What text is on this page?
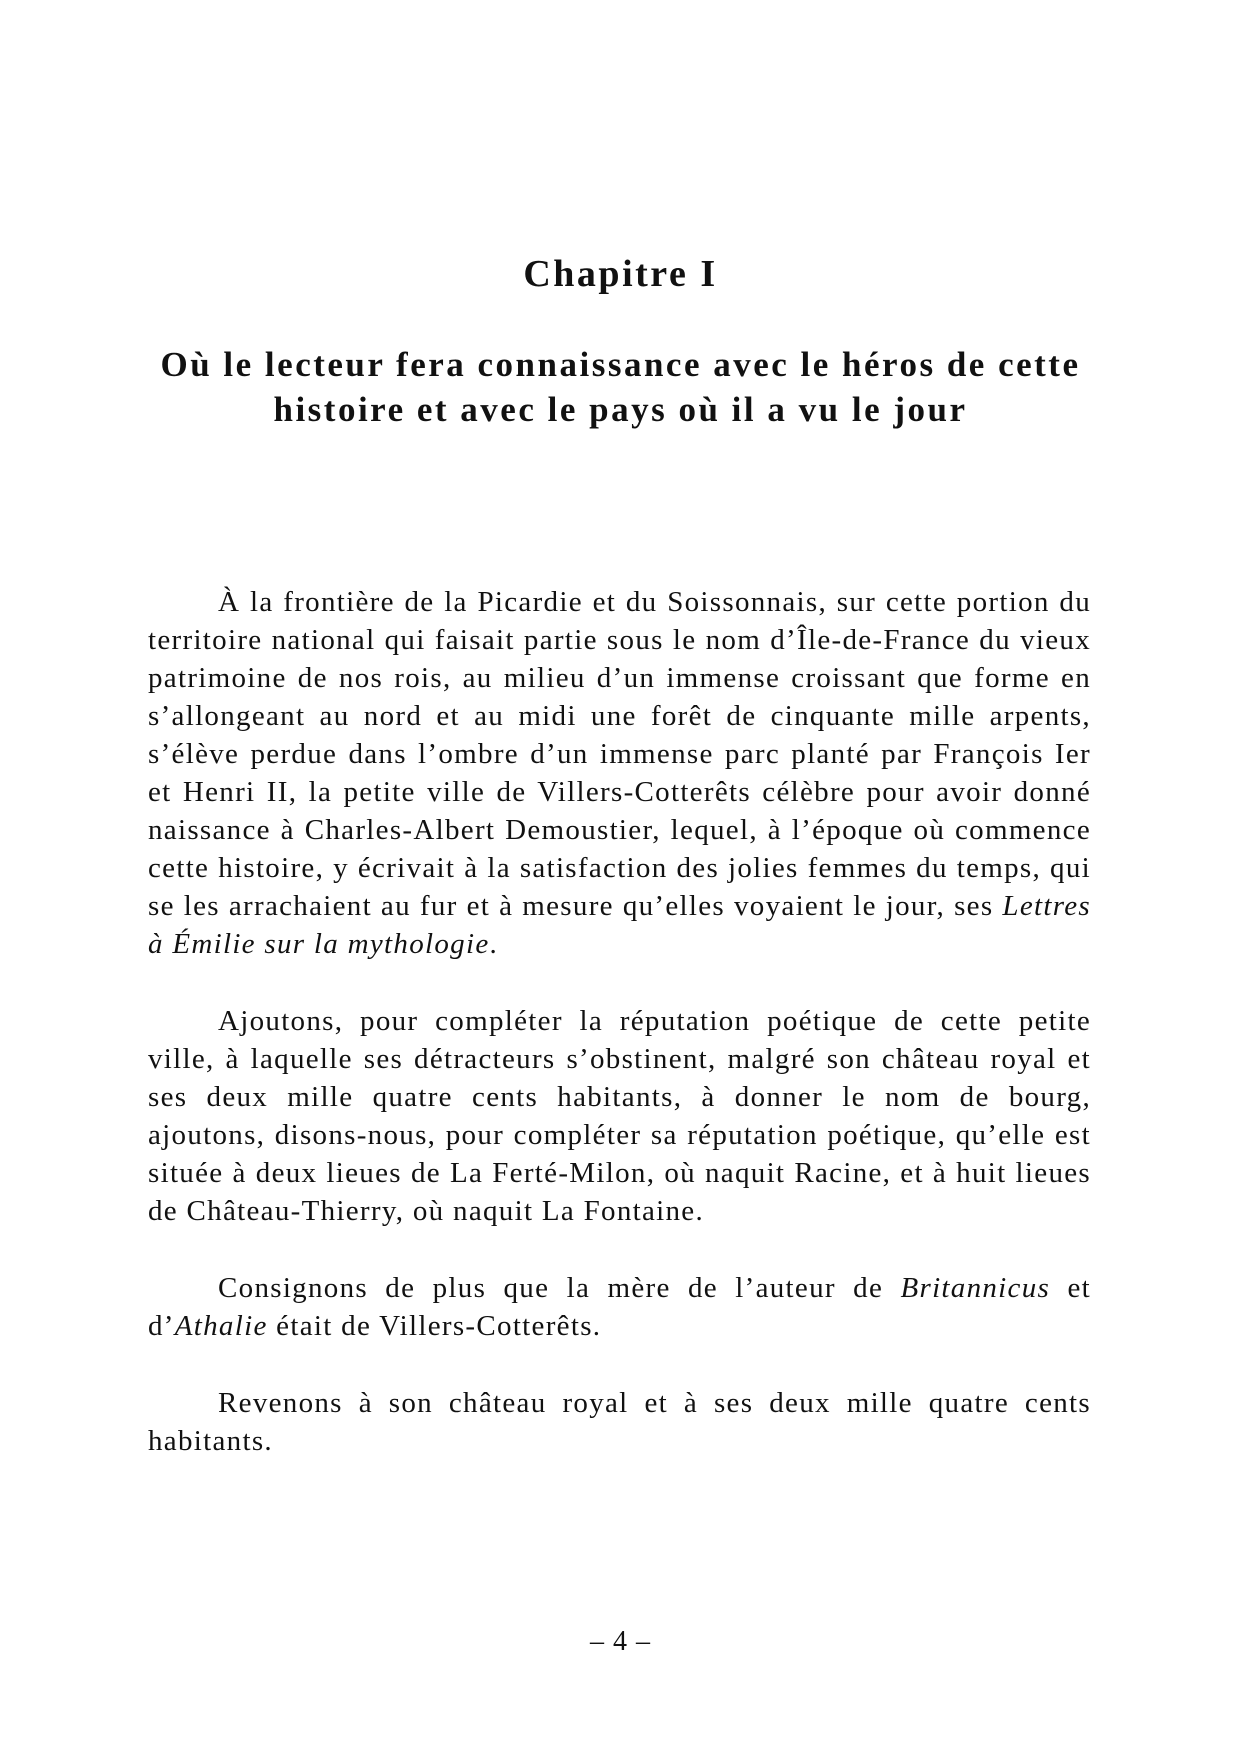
Chapitre I
Où le lecteur fera connaissance avec le héros de cette histoire et avec le pays où il a vu le jour

À la frontière de la Picardie et du Soissonnais, sur cette portion du territoire national qui faisait partie sous le nom d’Île-de-France du vieux patrimoine de nos rois, au milieu d’un immense croissant que forme en s’allongeant au nord et au midi une forêt de cinquante mille arpents, s’élève perdue dans l’ombre d’un immense parc planté par François Ier et Henri II, la petite ville de Villers-Cotterêts célèbre pour avoir donné naissance à Charles-Albert Demoustier, lequel, à l’époque où commence cette histoire, y écrivait à la satisfaction des jolies femmes du temps, qui se les arrachaient au fur et à mesure qu’elles voyaient le jour, ses Lettres à Émilie sur la mythologie.

Ajoutons, pour compléter la réputation poétique de cette petite ville, à laquelle ses détracteurs s’obstinent, malgré son château royal et ses deux mille quatre cents habitants, à donner le nom de bourg, ajoutons, disons-nous, pour compléter sa réputation poétique, qu’elle est située à deux lieues de La Ferté-Milon, où naquit Racine, et à huit lieues de Château-Thierry, où naquit La Fontaine.

Consignons de plus que la mère de l’auteur de Britannicus et d’Athalie était de Villers-Cotterêts.

Revenons à son château royal et à ses deux mille quatre cents habitants.

– 4 –
